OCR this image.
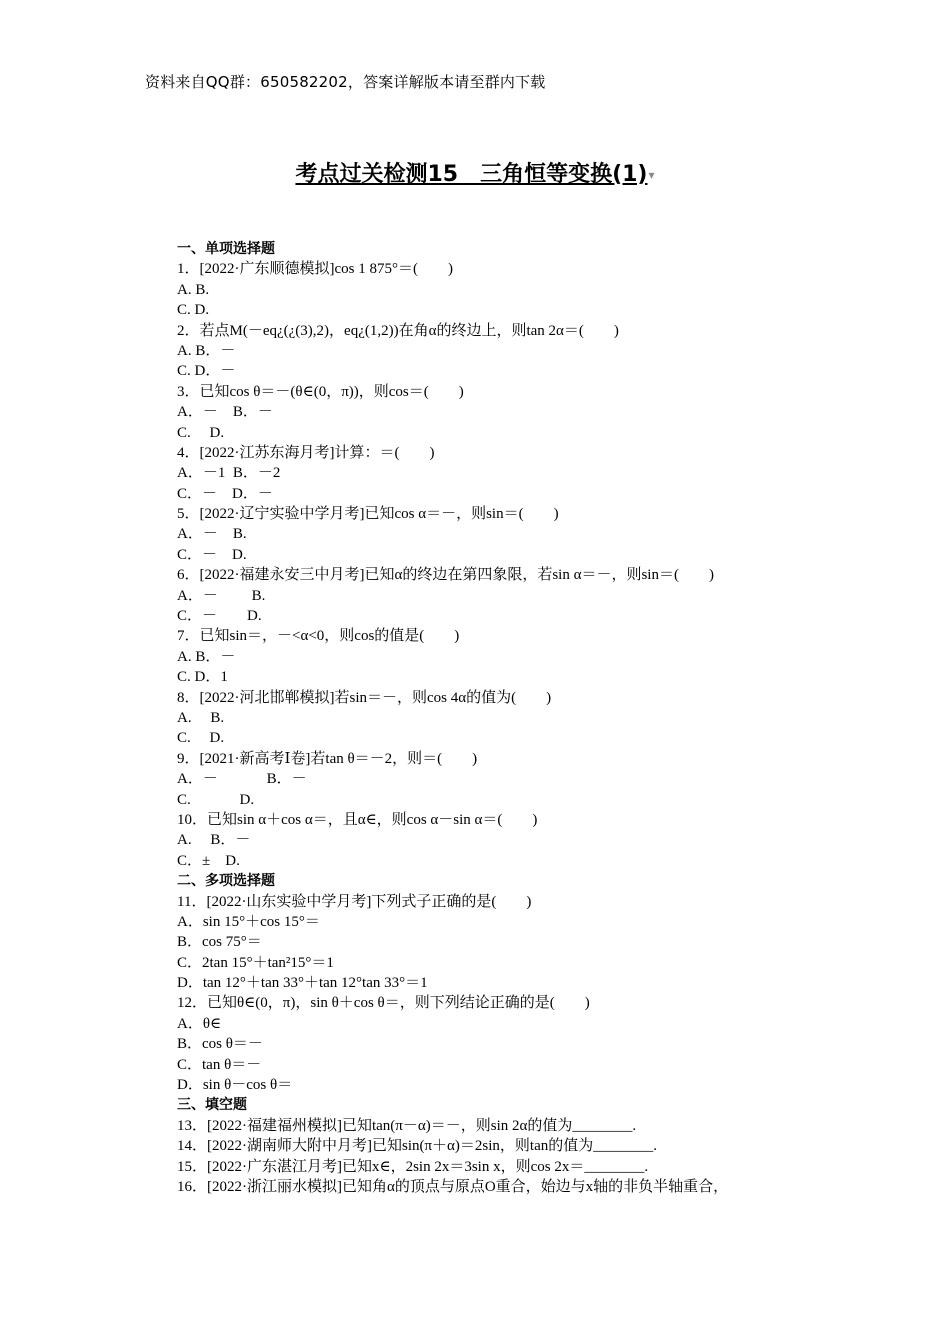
资料来自QQ群：650582202，答案详解版本请至群内下载
考点过关检测15　三角恒等变换(1)▾
一、单项选择题
1．[2022·广东顺德模拟]cos 1 875°＝(　　)
A. B.
C. D.
2．若点M(－eq¿(¿(3),2)，eq¿(1,2))在角α的终边上，则tan 2α＝(　　)
A. B．－
C. D．－
3．已知cos θ＝－(θ∈(0，π))，则cos＝(　　)
A．－　B．－
C.　 D.
4．[2022·江苏东海月考]计算：＝(　　)
A．－1  B．－2
C．－　D．－
5．[2022·辽宁实验中学月考]已知cos α＝－，则sin＝(　　)
A．－　B.
C．－　D.
6．[2022·福建永安三中月考]已知α的终边在第四象限，若sin α＝－，则sin＝(　　)
A．－　　 B.
C．－　　D.
7．已知sin＝，－<α<0，则cos的值是(　　)
A. B．－
C. D．1
8．[2022·河北邯郸模拟]若sin＝－，则cos 4α的值为(　　)
A.　 B.
C.　 D.
9．[2021·新高考Ⅰ卷]若tan θ＝－2，则＝(　　)
A．－　　　 B．－
C.　　　 D.
10．已知sin α＋cos α＝，且α∈，则cos α－sin α＝(　　)
A.　 B．－
C．±　D.
二、多项选择题
11．[2022·山东实验中学月考]下列式子正确的是(　　)
A．sin 15°＋cos 15°＝
B．cos 75°＝
C．2tan 15°＋tan²15°＝1
D．tan 12°＋tan 33°＋tan 12°tan 33°＝1
12．已知θ∈(0，π)，sin θ＋cos θ＝，则下列结论正确的是(　　)
A．θ∈
B．cos θ＝－
C．tan θ＝－
D．sin θ－cos θ＝
三、填空题
13．[2022·福建福州模拟]已知tan(π－α)＝－，则sin 2α的值为________.
14．[2022·湖南师大附中月考]已知sin(π＋α)＝2sin，则tan的值为________.
15．[2022·广东湛江月考]已知x∈，2sin 2x＝3sin x，则cos 2x＝________.
16．[2022·浙江丽水模拟]已知角α的顶点与原点O重合，始边与x轴的非负半轴重合，
